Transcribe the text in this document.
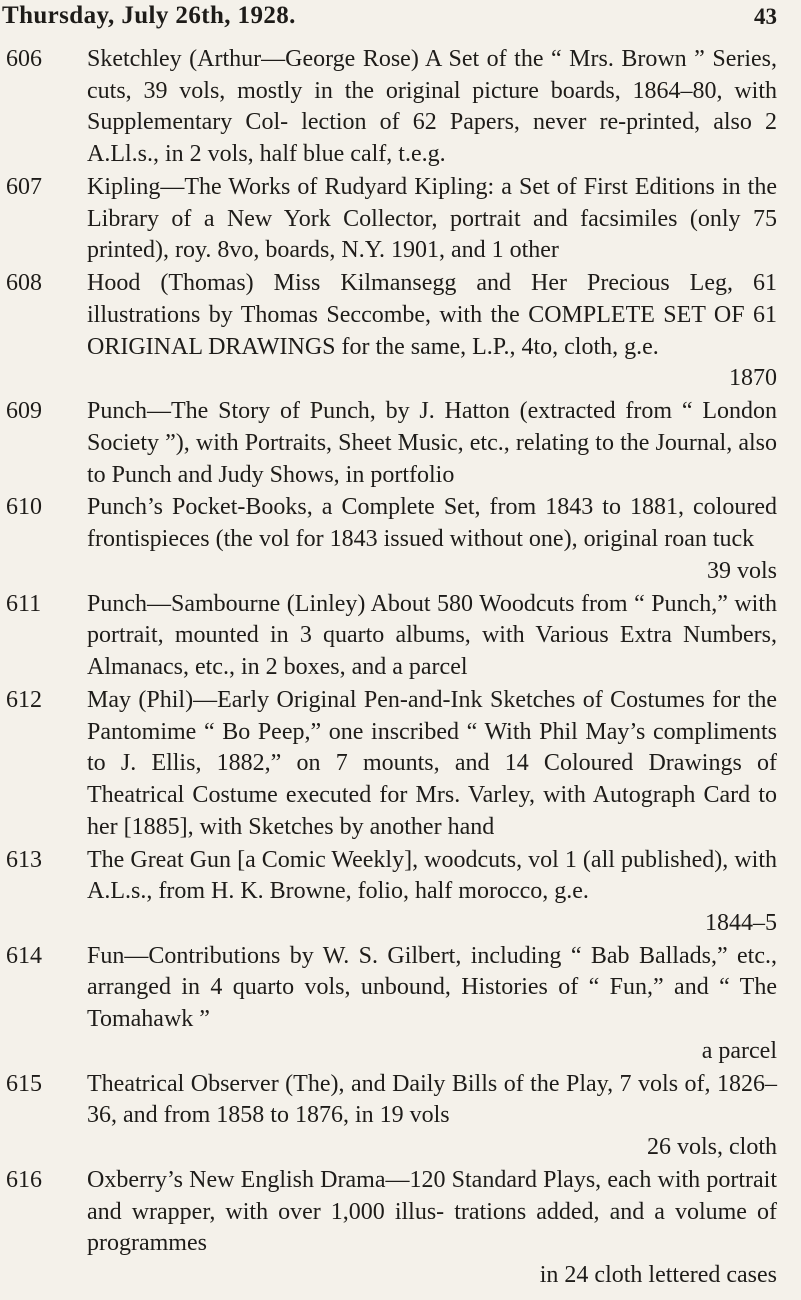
Thursday, July 26th, 1928.	43
606 Sketchley (Arthur—George Rose) A Set of the “ Mrs. Brown ” Series, cuts, 39 vols, mostly in the original picture boards, 1864–80, with Supplementary Col- lection of 62 Papers, never re-printed, also 2 A.Ll.s., in 2 vols, half blue calf, t.e.g.
607 Kipling—The Works of Rudyard Kipling: a Set of First Editions in the Library of a New York Collector, portrait and facsimiles (only 75 printed), roy. 8vo, boards, N.Y. 1901, and 1 other
608 Hood (Thomas) Miss Kilmansegg and Her Precious Leg, 61 illustrations by Thomas Seccombe, with the COMPLETE SET OF 61 ORIGINAL DRAWINGS for the same, L.P., 4to, cloth, g.e.
1870
609 Punch—The Story of Punch, by J. Hatton (extracted from “ London Society ”), with Portraits, Sheet Music, etc., relating to the Journal, also to Punch and Judy Shows, in portfolio
610 Punch’s Pocket-Books, a Complete Set, from 1843 to 1881, coloured frontispieces (the vol for 1843 issued without one), original roan tuck
39 vols
611 Punch—Sambourne (Linley) About 580 Woodcuts from “ Punch,” with portrait, mounted in 3 quarto albums, with Various Extra Numbers, Almanacs, etc., in 2 boxes, and a parcel
612 May (Phil)—Early Original Pen-and-Ink Sketches of Costumes for the Pantomime “ Bo Peep,” one inscribed “ With Phil May’s compliments to J. Ellis, 1882,” on 7 mounts, and 14 Coloured Drawings of Theatrical Costume executed for Mrs. Varley, with Autograph Card to her [1885], with Sketches by another hand
613 The Great Gun [a Comic Weekly], woodcuts, vol 1 (all published), with A.L.s., from H. K. Browne, folio, half morocco, g.e.
1844–5
614 Fun—Contributions by W. S. Gilbert, including “ Bab Ballads,” etc., arranged in 4 quarto vols, unbound, Histories of “ Fun,” and “ The Tomahawk ”
a parcel
615 Theatrical Observer (The), and Daily Bills of the Play, 7 vols of, 1826–36, and from 1858 to 1876, in 19 vols
26 vols, cloth
616 Oxberry’s New English Drama—120 Standard Plays, each with portrait and wrapper, with over 1,000 illus- trations added, and a volume of programmes
in 24 cloth lettered cases
